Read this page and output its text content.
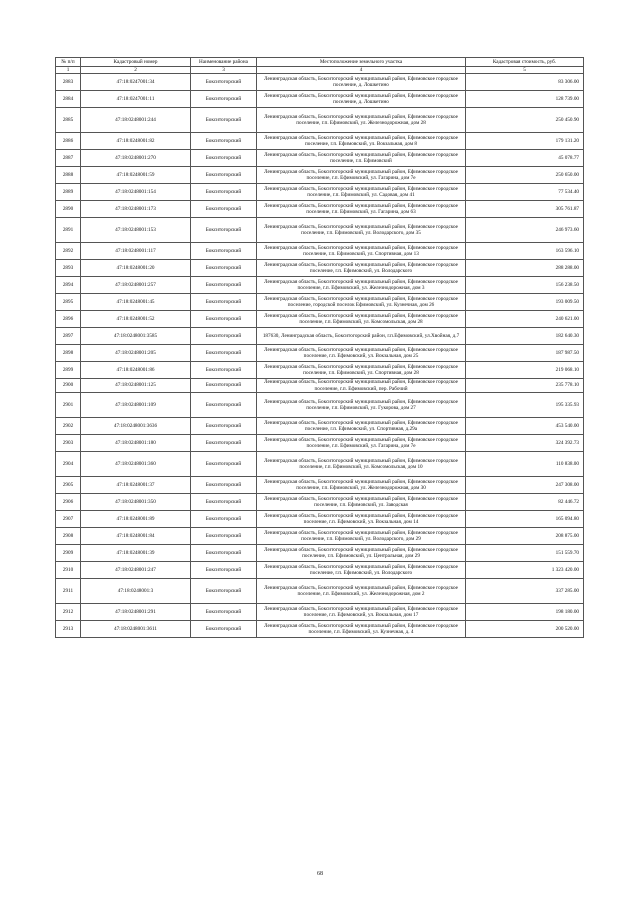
№ п/п	Кадастровый номер	Наименование района	Местоположение земельного участка	Кадастровая стоимость, руб.
1	2	3	4	5
2883	47:18:0247001:34	Бокситогорский	Ленинградская область, Бокситогорский муниципальный район, Ефимовское городское поселение, д. Лошкетино	83 306.00
2884	47:18:0247001:11	Бокситогорский	Ленинградская область, Бокситогорский муниципальный район, Ефимовское городское поселение, д. Лошкетино	128 739.00
2885	47:18:0248001:244	Бокситогорский	Ленинградская область, Бокситогорский муниципальный район, Ефимовское городское поселение, г.п. Ефимовский, ул. Железнодорожная, дом 28	250 450.90
2886	47:18:0248001:82	Бокситогорский	Ленинградская область, Бокситогорский муниципальный район, Ефимовское городское поселение, г.п. Ефимовский, ул. Вокзальная, дом 8	179 131.20
2887	47:18:0248001:270	Бокситогорский	Ленинградская область, Бокситогорский муниципальный район, Ефимовское городское поселение, г.п. Ефимовский	45 078.77
2888	47:18:0248001:59	Бокситогорский	Ленинградская область, Бокситогорский муниципальный район, Ефимовское городское поселение, г.п. Ефимовский, ул. Гагарина, дом 7е	250 650.00
2889	47:18:0248001:154	Бокситогорский	Ленинградская область, Бокситогорский муниципальный район, Ефимовское городское поселение, г.п. Ефимовский, ул. Садовая, дом 41	77 534.40
2890	47:18:0248001:173	Бокситогорский	Ленинградская область, Бокситогорский муниципальный район, Ефимовское городское поселение, г.п. Ефимовский, ул. Гагарина, дом 63	305 761.87
2891	47:18:0248001:153	Бокситогорский	Ленинградская область, Бокситогорский муниципальный район, Ефимовское городское поселение, г.п. Ефимовский, ул. Володарского, дом 35	246 973.60
2892	47:18:0248001:117	Бокситогорский	Ленинградская область, Бокситогорский муниципальный район, Ефимовское городское поселение, г.п. Ефимовский, ул. Спортивная, дом 13	163 596.10
2893	47:18:0248001:20	Бокситогорский	Ленинградская область, Бокситогорский муниципальный район, Ефимовское городское поселение, г.п. Ефимовский, ул. Володарского	288 288.00
2894	47:18:0248001:257	Бокситогорский	Ленинградская область, Бокситогорский муниципальный район, Ефимовское городское поселение, г.п. Ефимовский, ул. Железнодорожная, дом 3	156 238.50
2895	47:18:0248001:45	Бокситогорский	Ленинградская область, Бокситогорский муниципальный район, Ефимовское городское поселение, городской поселок Ефимовский, ул. Кузнечная, дом 26	193 009.50
2896	47:18:0248001:52	Бокситогорский	Ленинградская область, Бокситогорский муниципальный район, Ефимовское городское поселение, г.п. Ефимовский, ул. Комсомольская, дом 28	240 621.00
2897	47:18:0248001:3585	Бокситогорский	187630, Ленинградская область, Бокситогорский район, г.п.Ефимовский, ул.Хвойная, д.7	182 640.30
2898	47:18:0248001:205	Бокситогорский	Ленинградская область, Бокситогорский муниципальный район, Ефимовское городское поселение, г.п. Ефимовский, ул. Вокзальная, дом 25	187 987.50
2899	47:18:0248001:86	Бокситогорский	Ленинградская область, Бокситогорский муниципальный район, Ефимовское городское поселение, г.п. Ефимовский, ул. Спортивная, дом 28	219 068.10
2900	47:18:0248001:125	Бокситогорский	Ленинградская область, Бокситогорский муниципальный район, Ефимовское городское поселение, г.п. Ефимовский, пер. Рабочий	235 778.10
2901	47:18:0248001:109	Бокситогорский	Ленинградская область, Бокситогорский муниципальный район, Ефимовское городское поселение, г.п. Ефимовский, ул. Гукорова, дом 27	195 335.93
2902	47:18:0248001:3636	Бокситогорский	Ленинградская область, Бокситогорский муниципальный район, Ефимовское городское поселение, г.п. Ефимовский, ул. Спортивная, д.29а	453 540.00
2903	47:18:0248001:180	Бокситогорский	Ленинградская область, Бокситогорский муниципальный район, Ефимовское городское поселение, г.п. Ефимовский, ул. Гагарина, дом 7е	324 392.73
2904	47:18:0248001:360	Бокситогорский	Ленинградская область, Бокситогорский муниципальный район, Ефимовское городское поселение, г.п. Ефимовский, ул. Комсомольская, дом 10	110 838.00
2905	47:18:0248001:37	Бокситогорский	Ленинградская область, Бокситогорский муниципальный район, Ефимовское городское поселение, г.п. Ефимовский, ул. Железнодорожная, дом 30	247 308.00
2906	47:18:0248001:350	Бокситогорский	Ленинградская область, Бокситогорский муниципальный район, Ефимовское городское поселение, г.п. Ефимовский, ул. Заводская	82 446.72
2907	47:18:0248001:89	Бокситогорский	Ленинградская область, Бокситогорский муниципальный район, Ефимовское городское поселение, г.п. Ефимовский, ул. Вокзальная, дом 14	165 094.80
2908	47:18:0248001:84	Бокситогорский	Ленинградская область, Бокситогорский муниципальный район, Ефимовское городское поселение, г.п. Ефимовский, ул. Володарского, дом 29	208 875.00
2909	47:18:0248001:39	Бокситогорский	Ленинградская область, Бокситогорский муниципальный район, Ефимовское городское поселение, г.п. Ефимовский, ул. Центральная, дом 29	151 559.70
2910	47:18:0248001:247	Бокситогорский	Ленинградская область, Бокситогорский муниципальный район, Ефимовское городское поселение, г.п. Ефимовский, ул. Володарского	1 323 420.00
2911	47:18:0248001:3	Бокситогорский	Ленинградская область, Бокситогорский муниципальный район, Ефимовское городское поселение, г.п. Ефимовский, ул. Железнодорожная, дом 2	337 285.00
2912	47:18:0248001:291	Бокситогорский	Ленинградская область, Бокситогорский муниципальный район, Ефимовское городское поселение, г.п. Ефимовский, ул. Вокзальная, дом 17	198 180.00
2913	47:18:0248001:3611	Бокситогорский	Ленинградская область, Бокситогорский муниципальный район, Ефимовское городское поселение, г.п. Ефимовский, ул. Кузнечная, д. 4	200 520.00
68
